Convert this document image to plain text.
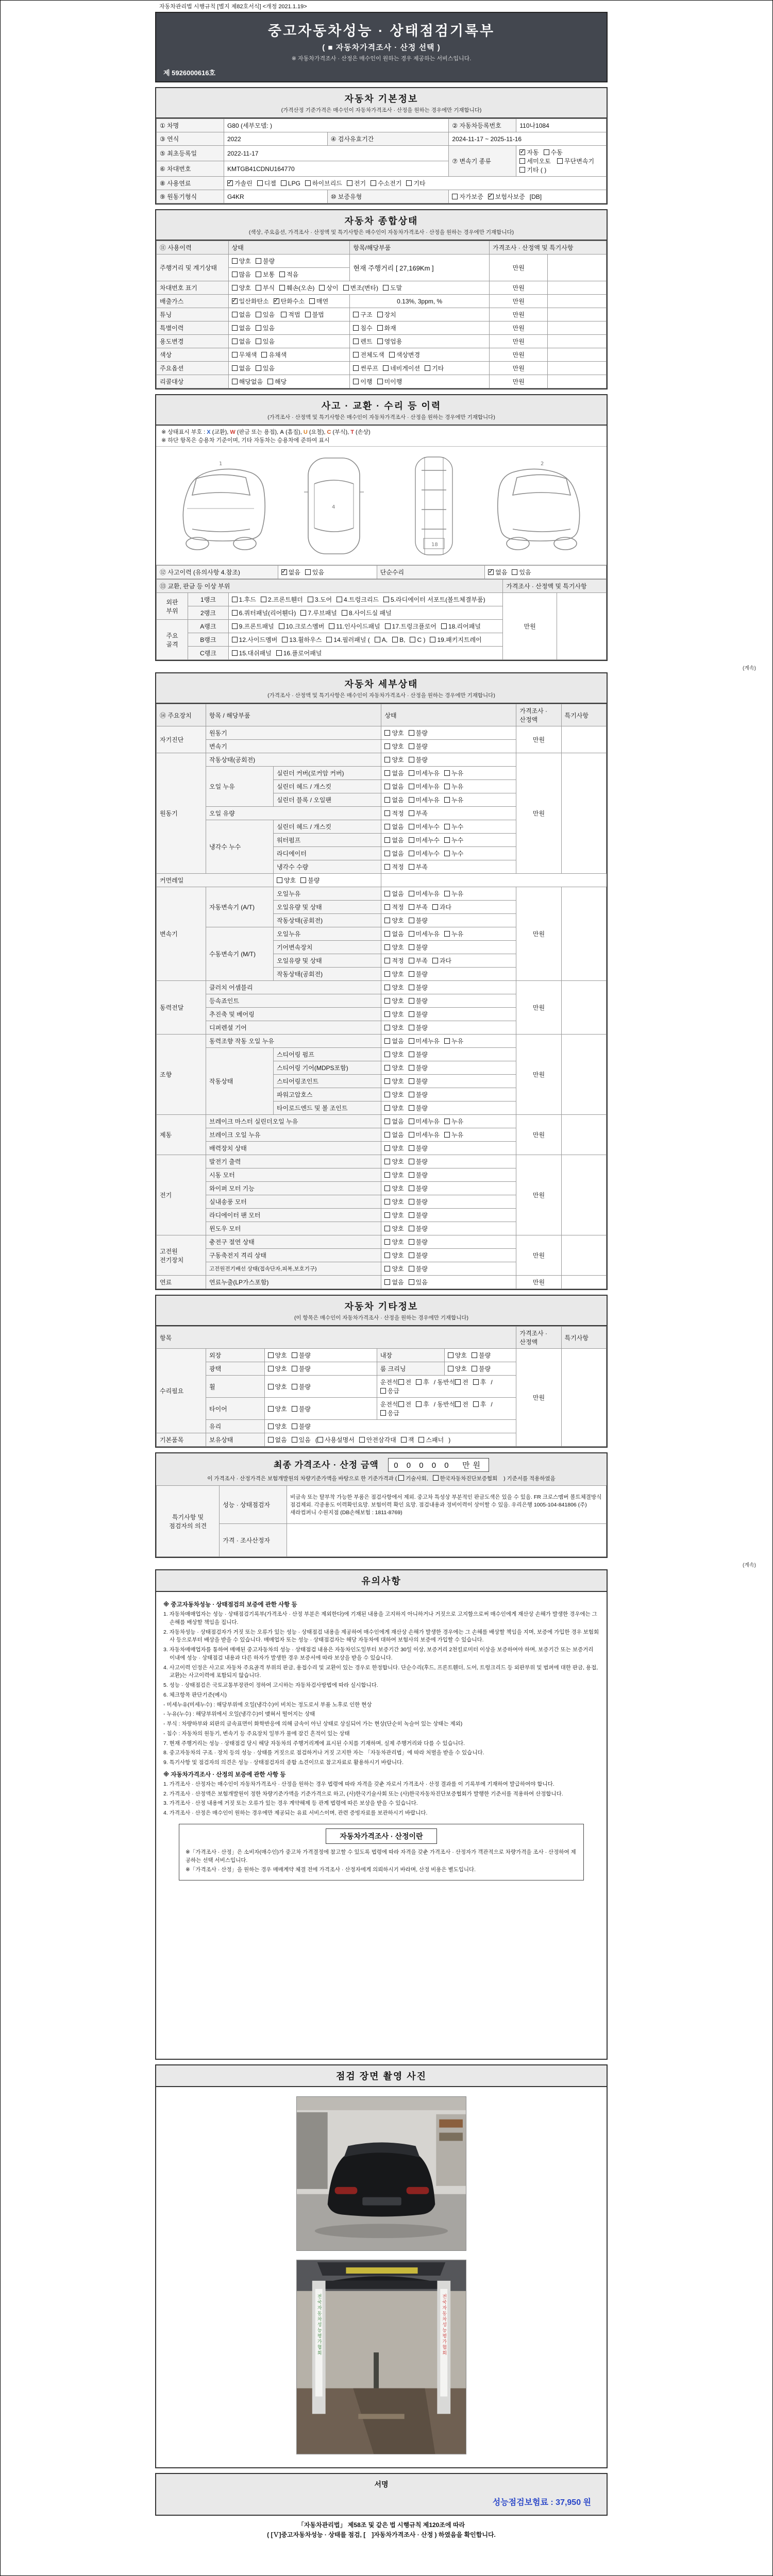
자동차관리법 시행규칙 [별지 제82호서식] <개정 2021.1.19>
중고자동차성능 · 상태점검기록부
( ■ 자동차가격조사 · 산정 선택 )
※ 자동차가격조사 · 산정은 매수인이 원하는 경우 제공하는 서비스입니다.
제 5926000616호
자동차 기본정보
(가격산정 기준가격은 매수인이 자동차가격조사 · 산정을 원하는 경우에만 기재합니다)
① 차명	G80 (세부모델: )		② 자동차등록번호	110나1084
③ 연식	2022	④ 검사유효기간	2024-11-17 ~ 2025-11-16	
⑤ 최초등록일	2022-11-17		⑦ 변속기 종류	✓자동 수동세미오토 무단변속기기타 ( )
⑥ 차대번호	KMTGB41CDNU164770			
⑧ 사용연료	✓가솔린 디젤 LPG 하이브리드 전기 수소전기 기타
⑨ 원동기형식	G4KR	⑩ 보증유형	자가보증 ✓ 보험사보증 [DB]
자동차 종합상태
(색상, 주요옵션, 가격조사 · 산정액 및 특기사항은 매수인이 자동차가격조사 · 산정을 원하는 경우에만 기재합니다)
⑪ 사용이력	상태	항목/해당부품	가격조사 · 산정액 및 특기사항	
주행거리 및 계기상태	양호 불량	현재 주행거리 [ 27,169Km ]	만원	
	많음 보통 적음			
차대번호 표기	양호 부식 훼손(오손) 상이 변조(변타) 도말		만원	
배출가스	✓일산화탄소 ✓ 탄화수소 매연	0.13%, 3ppm, %	만원	
튜닝	없음 있음 적법 불법	구조 장치	만원	
특별이력	없음 있음	침수 화재	만원	
용도변경	없음 있음	렌트 영업용	만원	
색상	무채색 유채색	전체도색 색상변경	만원	
주요옵션	없음 있음	썬루프 네비게이션 기타	만원	
리콜대상	해당없음 해당	이행 미이행	만원	
사고 · 교환 · 수리 등 이력
(가격조사 · 산정액 및 특기사항은 매수인이 자동차가격조사 · 산정을 원하는 경우에만 기재합니다)
※ 상태표시 부호 : X (교환), W (판금 또는 용접), A (흠집), U (요철), C (부식), T (손상)
※ 하단 항목은 승용차 기준이며, 기타 자동차는 승용차에 준하여 표시
1
4
18
2
⑫ 사고이력 (유의사항 4.참조)	✓없음 있음	단순수리	✓없음 있음
⑬ 교환, 판금 등 이상 부위			가격조사 · 산정액 및 특기사항	
외판 부위	1랭크	1.후드 2.프론트휀더 3.도어 4.트렁크리드 5.라디에이터 서포트(볼트체결부품)	만원	
	2랭크	6.쿼터패널(리어휀다) 7.루브패널 8.사이드실 패널		
주요 골격	A랭크	9.프론트패널 10.크로스멤버 11.인사이드패널 17.트렁크플로어 18.리어패널		
	B랭크	12.사이드멤버 13.휠하우스 14.필러패널 ( A, B, C ) 19.패키지트레이		
	C랭크	15.대쉬패널 16.플로어패널		
(계속)
자동차 세부상태
(가격조사 · 산정액 및 특기사항은 매수인이 자동차가격조사 · 산정을 원하는 경우에만 기재합니다)
⑭ 주요장치	항목 / 해당부품		상태	가격조사 · 산정액	특기사항
자기진단	원동기		양호 불량	만원	
	변속기		양호 불량		
원동기	작동상태(공회전)		양호 불량	만원	
	오일 누유	실린더 커버(로커암 커버)	없음 미세누유 누유		
		실린더 헤드 / 개스킷	없음 미세누유 누유		
		실린더 블록 / 오일팬	없음 미세누유 누유		
	오일 유량		적정 부족		
	냉각수 누수	실린더 헤드 / 개스킷	없음 미세누수 누수		
		워터펌프	없음 미세누수 누수		
		라디에이터	없음 미세누수 누수		
		냉각수 수량	적정 부족		
커먼레일		양호 불량			
변속기	자동변속기 (A/T)	오일누유	없음 미세누유 누유	만원	
		오일유량 및 상태	적정 부족 과다		
		작동상태(공회전)	양호 불량		
	수동변속기 (M/T)	오일누유	없음 미세누유 누유		
		기어변속장치	양호 불량		
		오일유량 및 상태	적정 부족 과다		
		작동상태(공회전)	양호 불량		
동력전달	클러치 어셈블리		양호 불량	만원	
	등속죠인트		양호 불량		
	추진축 및 베어링		양호 불량		
	디퍼렌셜 기어		양호 불량		
조향	동력조향 작동 오일 누유		없음 미세누유 누유	만원	
	작동상태	스티어링 펌프	양호 불량		
		스티어링 기어(MDPS포함)	양호 불량		
		스티어링조인트	양호 불량		
		파워고압호스	양호 불량		
		타이로드엔드 및 볼 조인트	양호 불량		
제동	브레이크 마스터 실린더오일 누유		없음 미세누유 누유	만원	
	브레이크 오일 누유		없음 미세누유 누유		
	배력장치 상태		양호 불량		
전기	발전기 출력		양호 불량	만원	
	시동 모터		양호 불량		
	와이퍼 모터 기능		양호 불량		
	실내송풍 모터		양호 불량		
	라디에이터 팬 모터		양호 불량		
	윈도우 모터		양호 불량		
고전원 전기장치	충전구 절연 상태		양호 불량	만원	
	구동축전지 격리 상태		양호 불량		
	고전원전기배선 상태(접속단자,피복,보호기구)		양호 불량		
연료	연료누출(LP가스포함)		없음 있음	만원	
자동차 기타정보
(이 항목은 매수인이 자동차가격조사 · 산정을 원하는 경우에만 기재합니다)
항목					가격조사 · 산정액	특기사항
수리필요	외장	양호 불량	내장	양호 불량	만원	
	광택	양호 불량	룸 크리닝	양호 불량		
	휠	양호 불량	운전석 전 후 / 동반석 전 후 /응급			
	타이어	양호 불량	운전석 전 후 / 동반석 전 후 /응급			
	유리	양호 불량				
기본품목	보유상태	없음 있음 ( 사용설명서 안전삼각대 잭 스패너 )				
최종 가격조사 · 산정 금액 0 0 0 0 0 만원
이 가격조사 · 산정가격은 보험개발원의 차량기준가액을 바탕으로 한 기준가격과 ( 기술사회, 한국자동차진단보증협회 ) 기준서를 적용하였음
특기사항 및 점검자의 의견	성능 · 상태점검자	비금속 또는 탈부착 가능한 부품은 점검사항에서 제외. 중고차 특성상 부분적인 판금도색은 있을 수 있음. FR 크로스멤버 볼트체결방식 점검제외. 각종용도 이력확인요망. 보험이력 확인 요망. 점검내용과 정비이력이 상이할 수 있음. 우리은행 1005-104-841806 (주)새라컴퍼니 수원지점 (DB손해보험 : 1811-8769)
	가격 · 조사산정자	
(계속)
유의사항
※ 중고자동차성능 · 상태점검의 보증에 관한 사항 등

1. 자동차매매업자는 성능 · 상태점검기록부(가격조사 · 산정 부분은 제외한다)에 기재된 내용을 고지하지 아니하거나 거짓으로 고지함으로써 매수인에게 재산상 손해가 발생한 경우에는 그 손해를 배상할 책임을 집니다.

2. 자동차성능 · 상태점검자가 거짓 또는 오류가 있는 성능 · 상태점검 내용을 제공하여 매수인에게 재산상 손해가 발생한 경우에는 그 손해를 배상할 책임을 지며, 보증에 가입한 경우 보험회사 등으로부터 배상을 받을 수 있습니다. 매매업자 또는 성능 · 상태점검자는 해당 자동차에 대하여 보험사의 보증에 가입할 수 있습니다.

3. 자동차매매업자를 통하여 매매된 중고자동차의 성능 · 상태점검 내용은 자동차인도일부터 보증기간 30일 이상, 보증거리 2천킬로미터 이상을 보증하여야 하며, 보증기간 또는 보증거리 이내에 성능 · 상태점검 내용과 다른 하자가 발생한 경우 보증서에 따라 보상을 받을 수 있습니다.

4. 사고이력 인정은 사고로 자동차 주요골격 부위의 판금, 용접수리 및 교환이 있는 경우로 한정합니다. 단순수리(후드, 프론트휀더, 도어, 트렁크리드 등 외판부위 및 범퍼에 대한 판금, 용접, 교환)는 사고이력에 포함되지 않습니다.

5. 성능 · 상태점검은 국토교통부장관이 정하여 고시하는 자동차검사방법에 따라 실시합니다.

6. 체크항목 판단기준(예시)

- 미세누유(미세누수) : 해당부위에 오일(냉각수)이 비치는 정도로서 부품 노후로 인한 현상

- 누유(누수) : 해당부위에서 오일(냉각수)이 맺혀서 떨어지는 상태

- 부식 : 차량하부와 외판의 금속표면이 화학반응에 의해 금속이 아닌 상태로 상실되어 가는 현상(단순히 녹슬어 있는 상태는 제외)

- 침수 : 자동차의 원동기, 변속기 등 주요장치 일부가 물에 잠긴 흔적이 있는 상태

7. 현재 주행거리는 성능 · 상태점검 당시 해당 자동차의 주행거리계에 표시된 수치를 기재하며, 실제 주행거리와 다를 수 있습니다.

8. 중고자동차의 구조 · 장치 등의 성능 · 상태를 거짓으로 점검하거나 거짓 고지한 자는 「자동차관리법」에 따라 처벌을 받을 수 있습니다.

9. 특기사항 및 점검자의 의견은 성능 · 상태점검자의 종합 소견이므로 참고자료로 활용하시기 바랍니다.

※ 자동차가격조사 · 산정의 보증에 관한 사항 등

1. 가격조사 · 산정자는 매수인이 자동차가격조사 · 산정을 원하는 경우 법령에 따라 자격을 갖춘 자로서 가격조사 · 산정 결과를 이 기록부에 기재하여 발급하여야 합니다.

2. 가격조사 · 산정액은 보험개발원이 정한 차량기준가액을 기준가격으로 하고, (사)한국기술사회 또는 (사)한국자동차진단보증협회가 발행한 기준서를 적용하여 산정합니다.

3. 가격조사 · 산정 내용에 거짓 또는 오류가 있는 경우 계약해제 등 관계 법령에 따른 보상을 받을 수 있습니다.

4. 가격조사 · 산정은 매수인이 원하는 경우에만 제공되는 유료 서비스이며, 관련 증빙자료를 보관하시기 바랍니다.

자동차가격조사 · 산정이란

※「가격조사 · 산정」은 소비자(매수인)가 중고차 가격결정에 참고할 수 있도록 법령에 따라 자격을 갖춘 가격조사 · 산정자가 객관적으로 차량가격을 조사 · 산정하여 제공하는 선택 서비스입니다.

※「가격조사 · 산정」을 원하는 경우 매매계약 체결 전에 가격조사 · 산정자에게 의뢰하시기 바라며, 산정 비용은 별도입니다.

점검 장면 촬영 사진

전국자동차성능평가협회	전국자동차성능평가협회
서명
성능점검보험료 : 37,950 원
「자동차관리법」 제58조 및 같은 법 시행규칙 제120조에 따라
( [Ｖ]중고자동차성능 · 상태를 점검, [　]자동차가격조사 · 산정 ) 하였음을 확인합니다.
